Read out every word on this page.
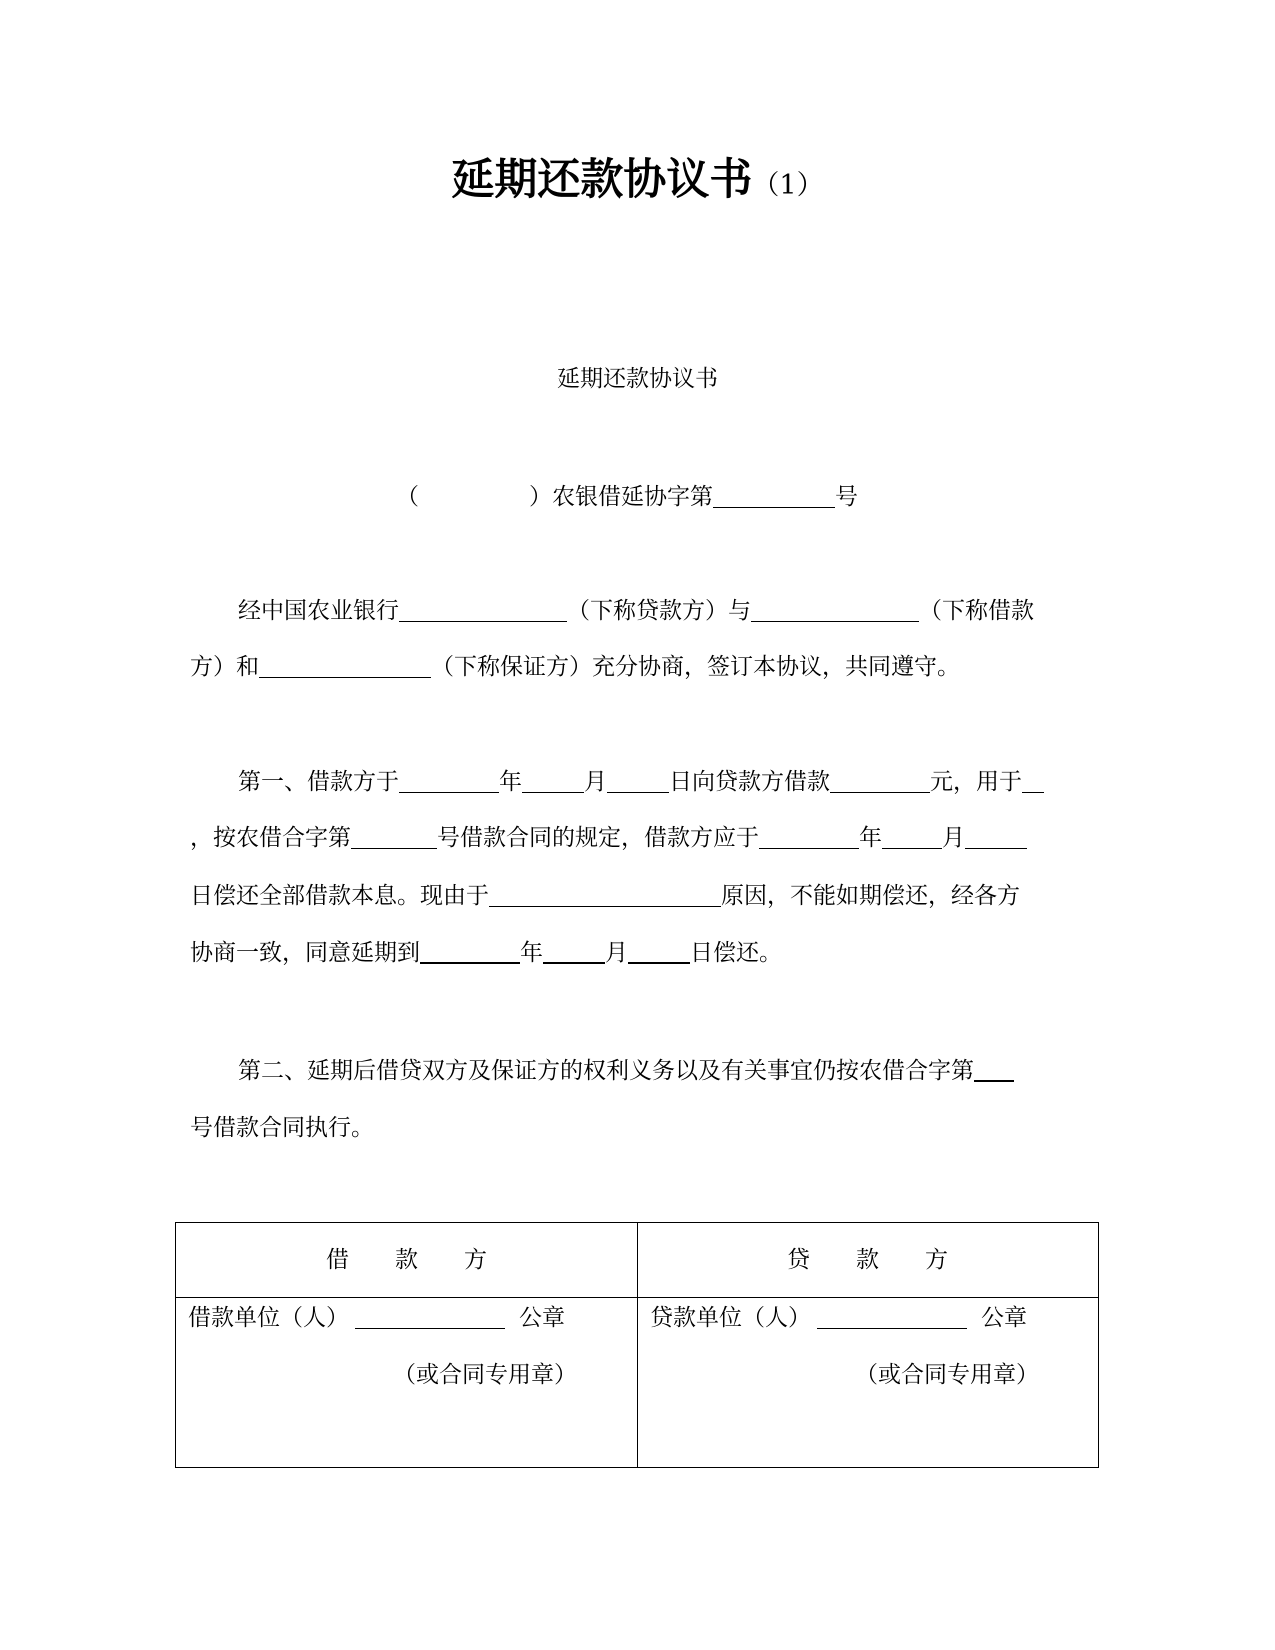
延期还款协议书（1）
延期还款协议书
（	）农银借延协字第	号
经中国农业银行	（下称贷款方）与	（下称借款
方）和	（下称保证方）充分协商，签订本协议，共同遵守。
第一、借款方于	年	月	日向贷款方借款	元，用于
，按农借合字第	号借款合同的规定，借款方应于	年	月
日偿还全部借款本息。现由于	原因，不能如期偿还，经各方
协商一致，同意延期到	年	月	日偿还。
第二、延期后借贷双方及保证方的权利义务以及有关事宜仍按农借合字第
号借款合同执行。
借款方	贷款方
借款单位（人）	公章
（或合同专用章）
贷款单位（人）	公章
（或合同专用章）
